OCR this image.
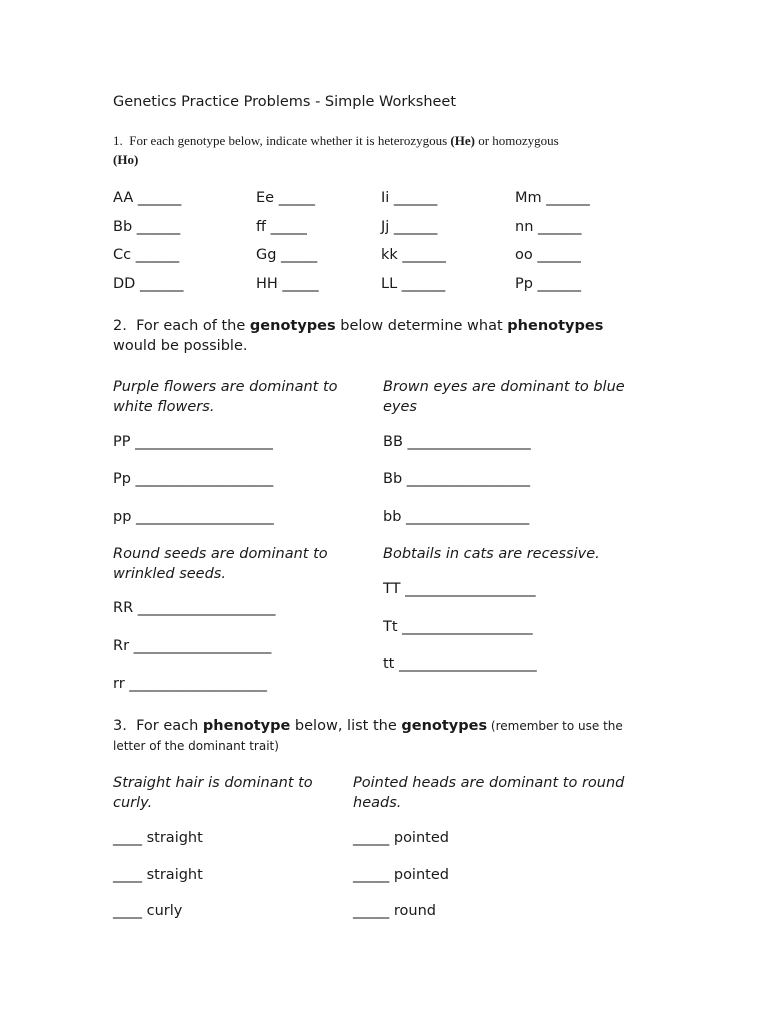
Genetics Practice Problems - Simple Worksheet
1. For each genotype below, indicate whether it is heterozygous (He) or homozygous
(Ho)
AA ______	Ee _____	Ii ______	Mm ______
Bb ______	ff _____	Jj ______	nn ______
Cc ______	Gg _____	kk ______	oo ______
DD ______	HH _____	LL ______	Pp ______
2. For each of the genotypes below determine what phenotypes
would be possible.
Purple flowers are dominant to white flowers.
PP ___________________
Pp ___________________
pp ___________________
Brown eyes are dominant to blue eyes
BB _________________
Bb _________________
bb _________________
Round seeds are dominant to wrinkled seeds.
RR ___________________
Rr ___________________
rr ___________________
Bobtails in cats are recessive.
TT __________________
Tt __________________
tt ___________________
3. For each phenotype below, list the genotypes (remember to use the
letter of the dominant trait)
Straight hair is dominant to curly.
____ straight
____ straight
____ curly
Pointed heads are dominant to round heads.
_____ pointed
_____ pointed
_____ round
